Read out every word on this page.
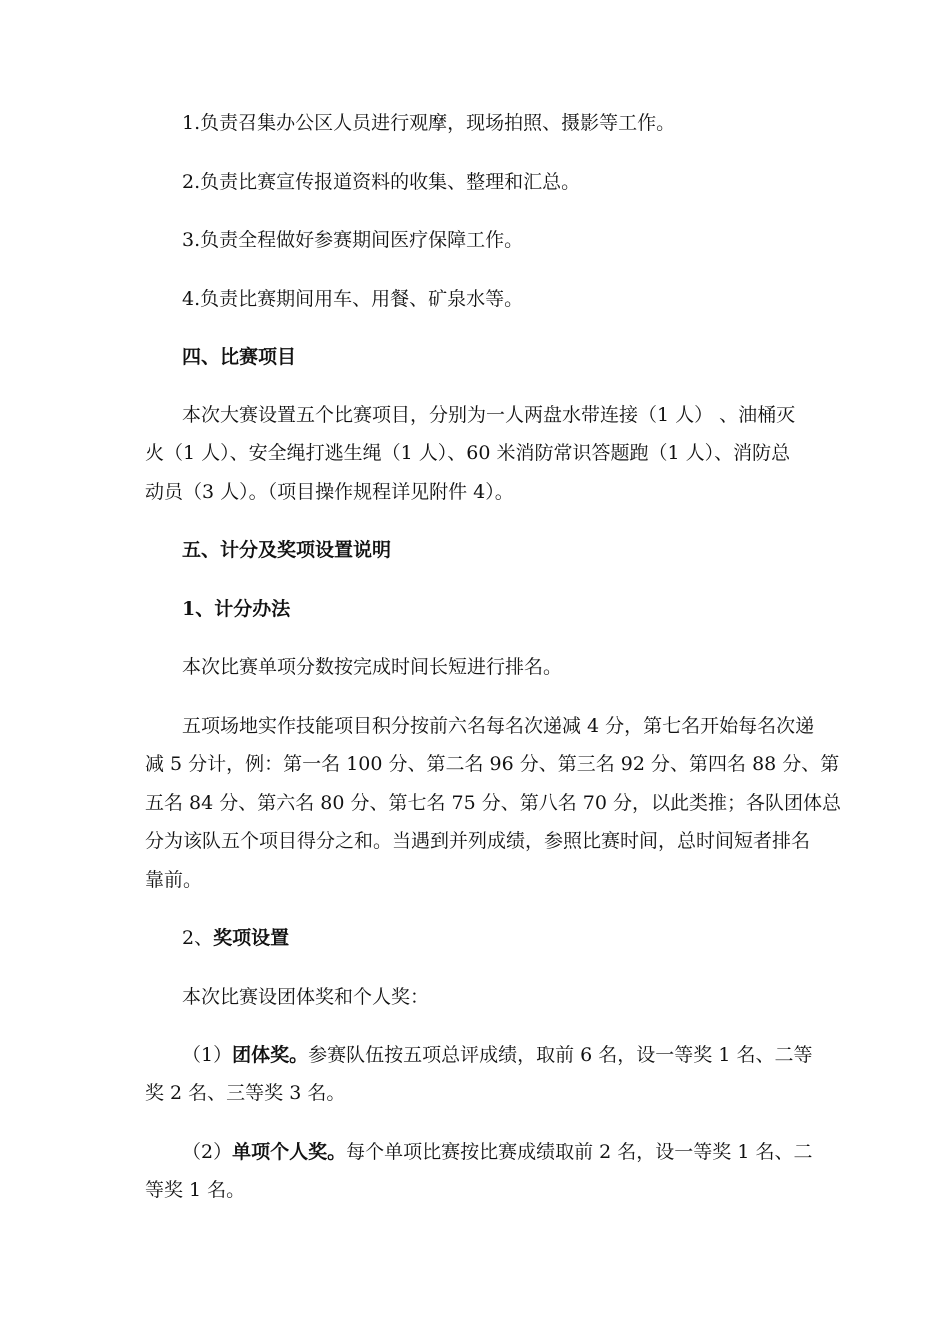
1.负责召集办公区人员进行观摩，现场拍照、摄影等工作。
2.负责比赛宣传报道资料的收集、整理和汇总。
3.负责全程做好参赛期间医疗保障工作。
4.负责比赛期间用车、用餐、矿泉水等。
四、比赛项目
本次大赛设置五个比赛项目，分别为一人两盘水带连接（1 人） 、油桶灭
火（1 人）、安全绳打逃生绳（1 人）、60 米消防常识答题跑（1 人）、消防总
动员（3 人）。（项目操作规程详见附件 4）。
五、计分及奖项设置说明
1、计分办法
本次比赛单项分数按完成时间长短进行排名。
五项场地实作技能项目积分按前六名每名次递减 4 分，第七名开始每名次递
减 5 分计，例：第一名 100 分、第二名 96 分、第三名 92 分、第四名 88 分、第
五名 84 分、第六名 80 分、第七名 75 分、第八名 70 分，以此类推；各队团体总
分为该队五个项目得分之和。当遇到并列成绩，参照比赛时间，总时间短者排名
靠前。
2、奖项设置
本次比赛设团体奖和个人奖：
（1）团体奖。参赛队伍按五项总评成绩，取前 6 名，设一等奖 1 名、二等
奖 2 名、三等奖 3 名。
（2）单项个人奖。每个单项比赛按比赛成绩取前 2 名，设一等奖 1 名、二
等奖 1 名。
